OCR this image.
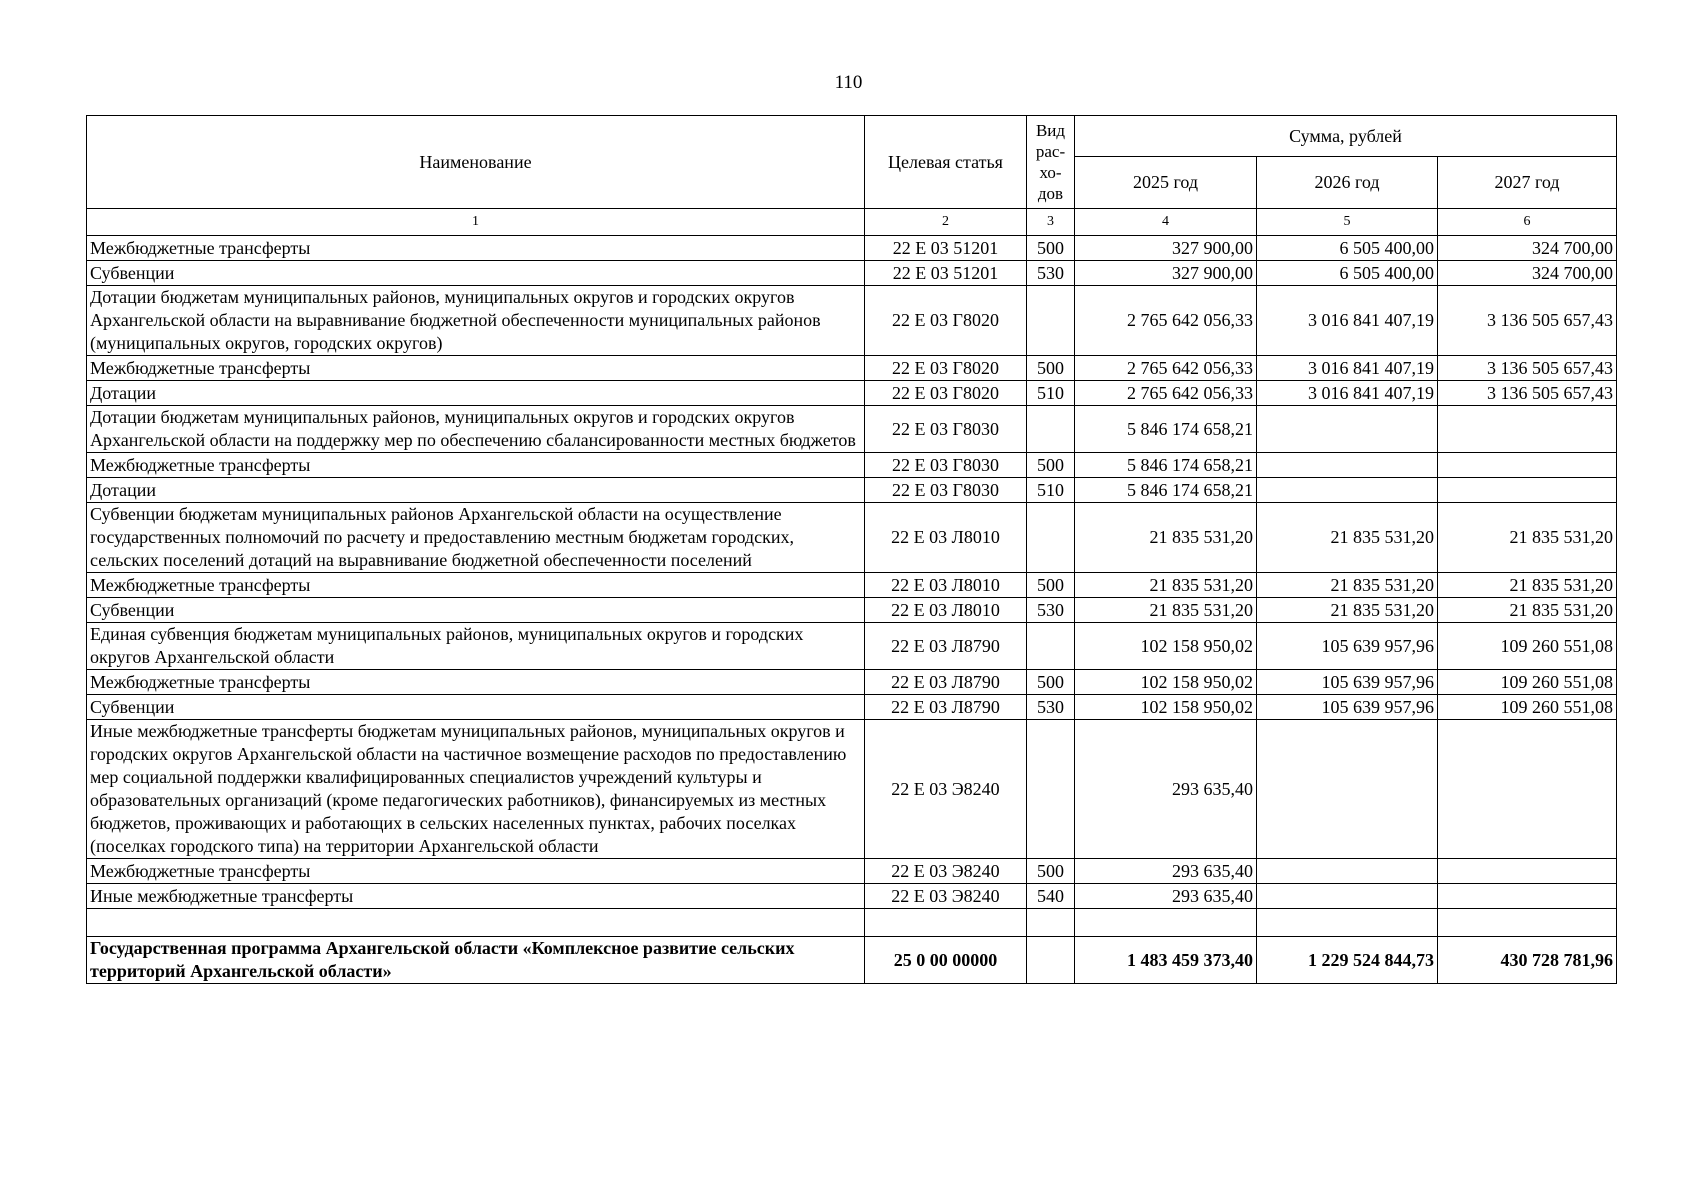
110
Наименование	Целевая статья	Вид рас-хо-дов	Сумма, рублей		
			2025 год	2026 год	2027 год
1	2	3	4	5	6
Межбюджетные трансферты	22 Е 03 51201	500	327 900,00	6 505 400,00	324 700,00
Субвенции	22 Е 03 51201	530	327 900,00	6 505 400,00	324 700,00
Дотации бюджетам муниципальных районов, муниципальных округов и городских округов Архангельской области на выравнивание бюджетной обеспеченности муниципальных районов (муниципальных округов, городских округов)	22 Е 03 Г8020		2 765 642 056,33	3 016 841 407,19	3 136 505 657,43
Межбюджетные трансферты	22 Е 03 Г8020	500	2 765 642 056,33	3 016 841 407,19	3 136 505 657,43
Дотации	22 Е 03 Г8020	510	2 765 642 056,33	3 016 841 407,19	3 136 505 657,43
Дотации бюджетам муниципальных районов, муниципальных округов и городских округов Архангельской области на поддержку мер по обеспечению сбалансированности местных бюджетов	22 Е 03 Г8030		5 846 174 658,21		
Межбюджетные трансферты	22 Е 03 Г8030	500	5 846 174 658,21		
Дотации	22 Е 03 Г8030	510	5 846 174 658,21		
Субвенции бюджетам муниципальных районов Архангельской области на осуществление государственных полномочий по расчету и предоставлению местным бюджетам городских, сельских поселений дотаций на выравнивание бюджетной обеспеченности поселений	22 Е 03 Л8010		21 835 531,20	21 835 531,20	21 835 531,20
Межбюджетные трансферты	22 Е 03 Л8010	500	21 835 531,20	21 835 531,20	21 835 531,20
Субвенции	22 Е 03 Л8010	530	21 835 531,20	21 835 531,20	21 835 531,20
Единая субвенция бюджетам муниципальных районов, муниципальных округов и городских округов Архангельской области	22 Е 03 Л8790		102 158 950,02	105 639 957,96	109 260 551,08
Межбюджетные трансферты	22 Е 03 Л8790	500	102 158 950,02	105 639 957,96	109 260 551,08
Субвенции	22 Е 03 Л8790	530	102 158 950,02	105 639 957,96	109 260 551,08
Иные межбюджетные трансферты бюджетам муниципальных районов, муниципальных округов и городских округов Архангельской области на частичное возмещение расходов по предоставлению мер социальной поддержки квалифицированных специалистов учреждений культуры и образовательных организаций (кроме педагогических работников), финансируемых из местных бюджетов, проживающих и работающих в сельских населенных пунктах, рабочих поселках (поселках городского типа) на территории Архангельской области	22 Е 03 Э8240		293 635,40		
Межбюджетные трансферты	22 Е 03 Э8240	500	293 635,40		
Иные межбюджетные трансферты	22 Е 03 Э8240	540	293 635,40		

Государственная программа Архангельской области «Комплексное развитие сельских территорий Архангельской области»	25 0 00 00000		1 483 459 373,40	1 229 524 844,73	430 728 781,96
